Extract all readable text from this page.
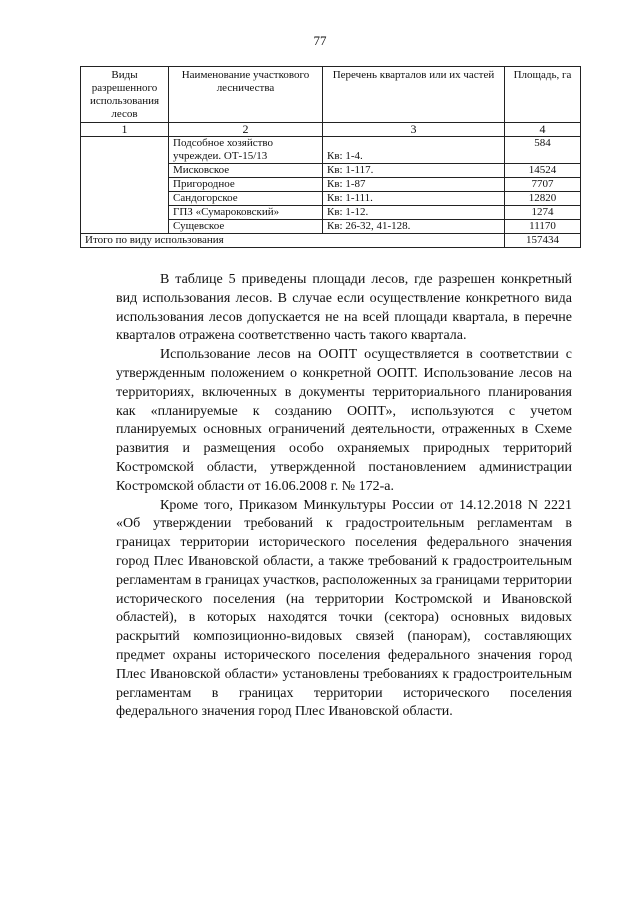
77
Виды разрешенного использования лесов	Наименование участкового лесничества	Перечень кварталов или их частей	Площадь, га
1	2	3	4
	Подсобное хозяйство учреждеи. ОТ-15/13	Кв: 1-4.	584
	Мисковское	Кв: 1-117.	14524
	Пригородное	Кв: 1-87	7707
	Сандогорское	Кв: 1-111.	12820
	ГПЗ «Сумароковский»	Кв: 1-12.	1274
	Сущевское	Кв: 26-32, 41-128.	11170
Итого по виду использования			157434

В таблице 5 приведены площади лесов, где разрешен конкретный вид использования лесов. В случае если осуществление конкретного вида использования лесов допускается не на всей площади квартала, в перечне кварталов отражена соответственно часть такого квартала.

Использование лесов на ООПТ осуществляется в соответствии с утвержденным положением о конкретной ООПТ. Использование лесов на территориях, включенных в документы территориального планирования как «планируемые к созданию ООПТ», используются с учетом планируемых основных ограничений деятельности, отраженных в Схеме развития и размещения особо охраняемых природных территорий Костромской области, утвержденной постановлением администрации Костромской области от 16.06.2008 г. № 172-а.

Кроме того, Приказом Минкультуры России от 14.12.2018 N 2221 «Об утверждении требований к градостроительным регламентам в границах территории исторического поселения федерального значения город Плес Ивановской области, а также требований к градостроительным регламентам в границах участков, расположенных за границами территории исторического поселения (на территории Костромской и Ивановской областей), в которых находятся точки (сектора) основных видовых раскрытий композиционно-видовых связей (панорам), составляющих предмет охраны исторического поселения федерального значения город Плес Ивановской области» установлены требованиях к градостроительным регламентам в границах территории исторического поселения федерального значения город Плес Ивановской области.
